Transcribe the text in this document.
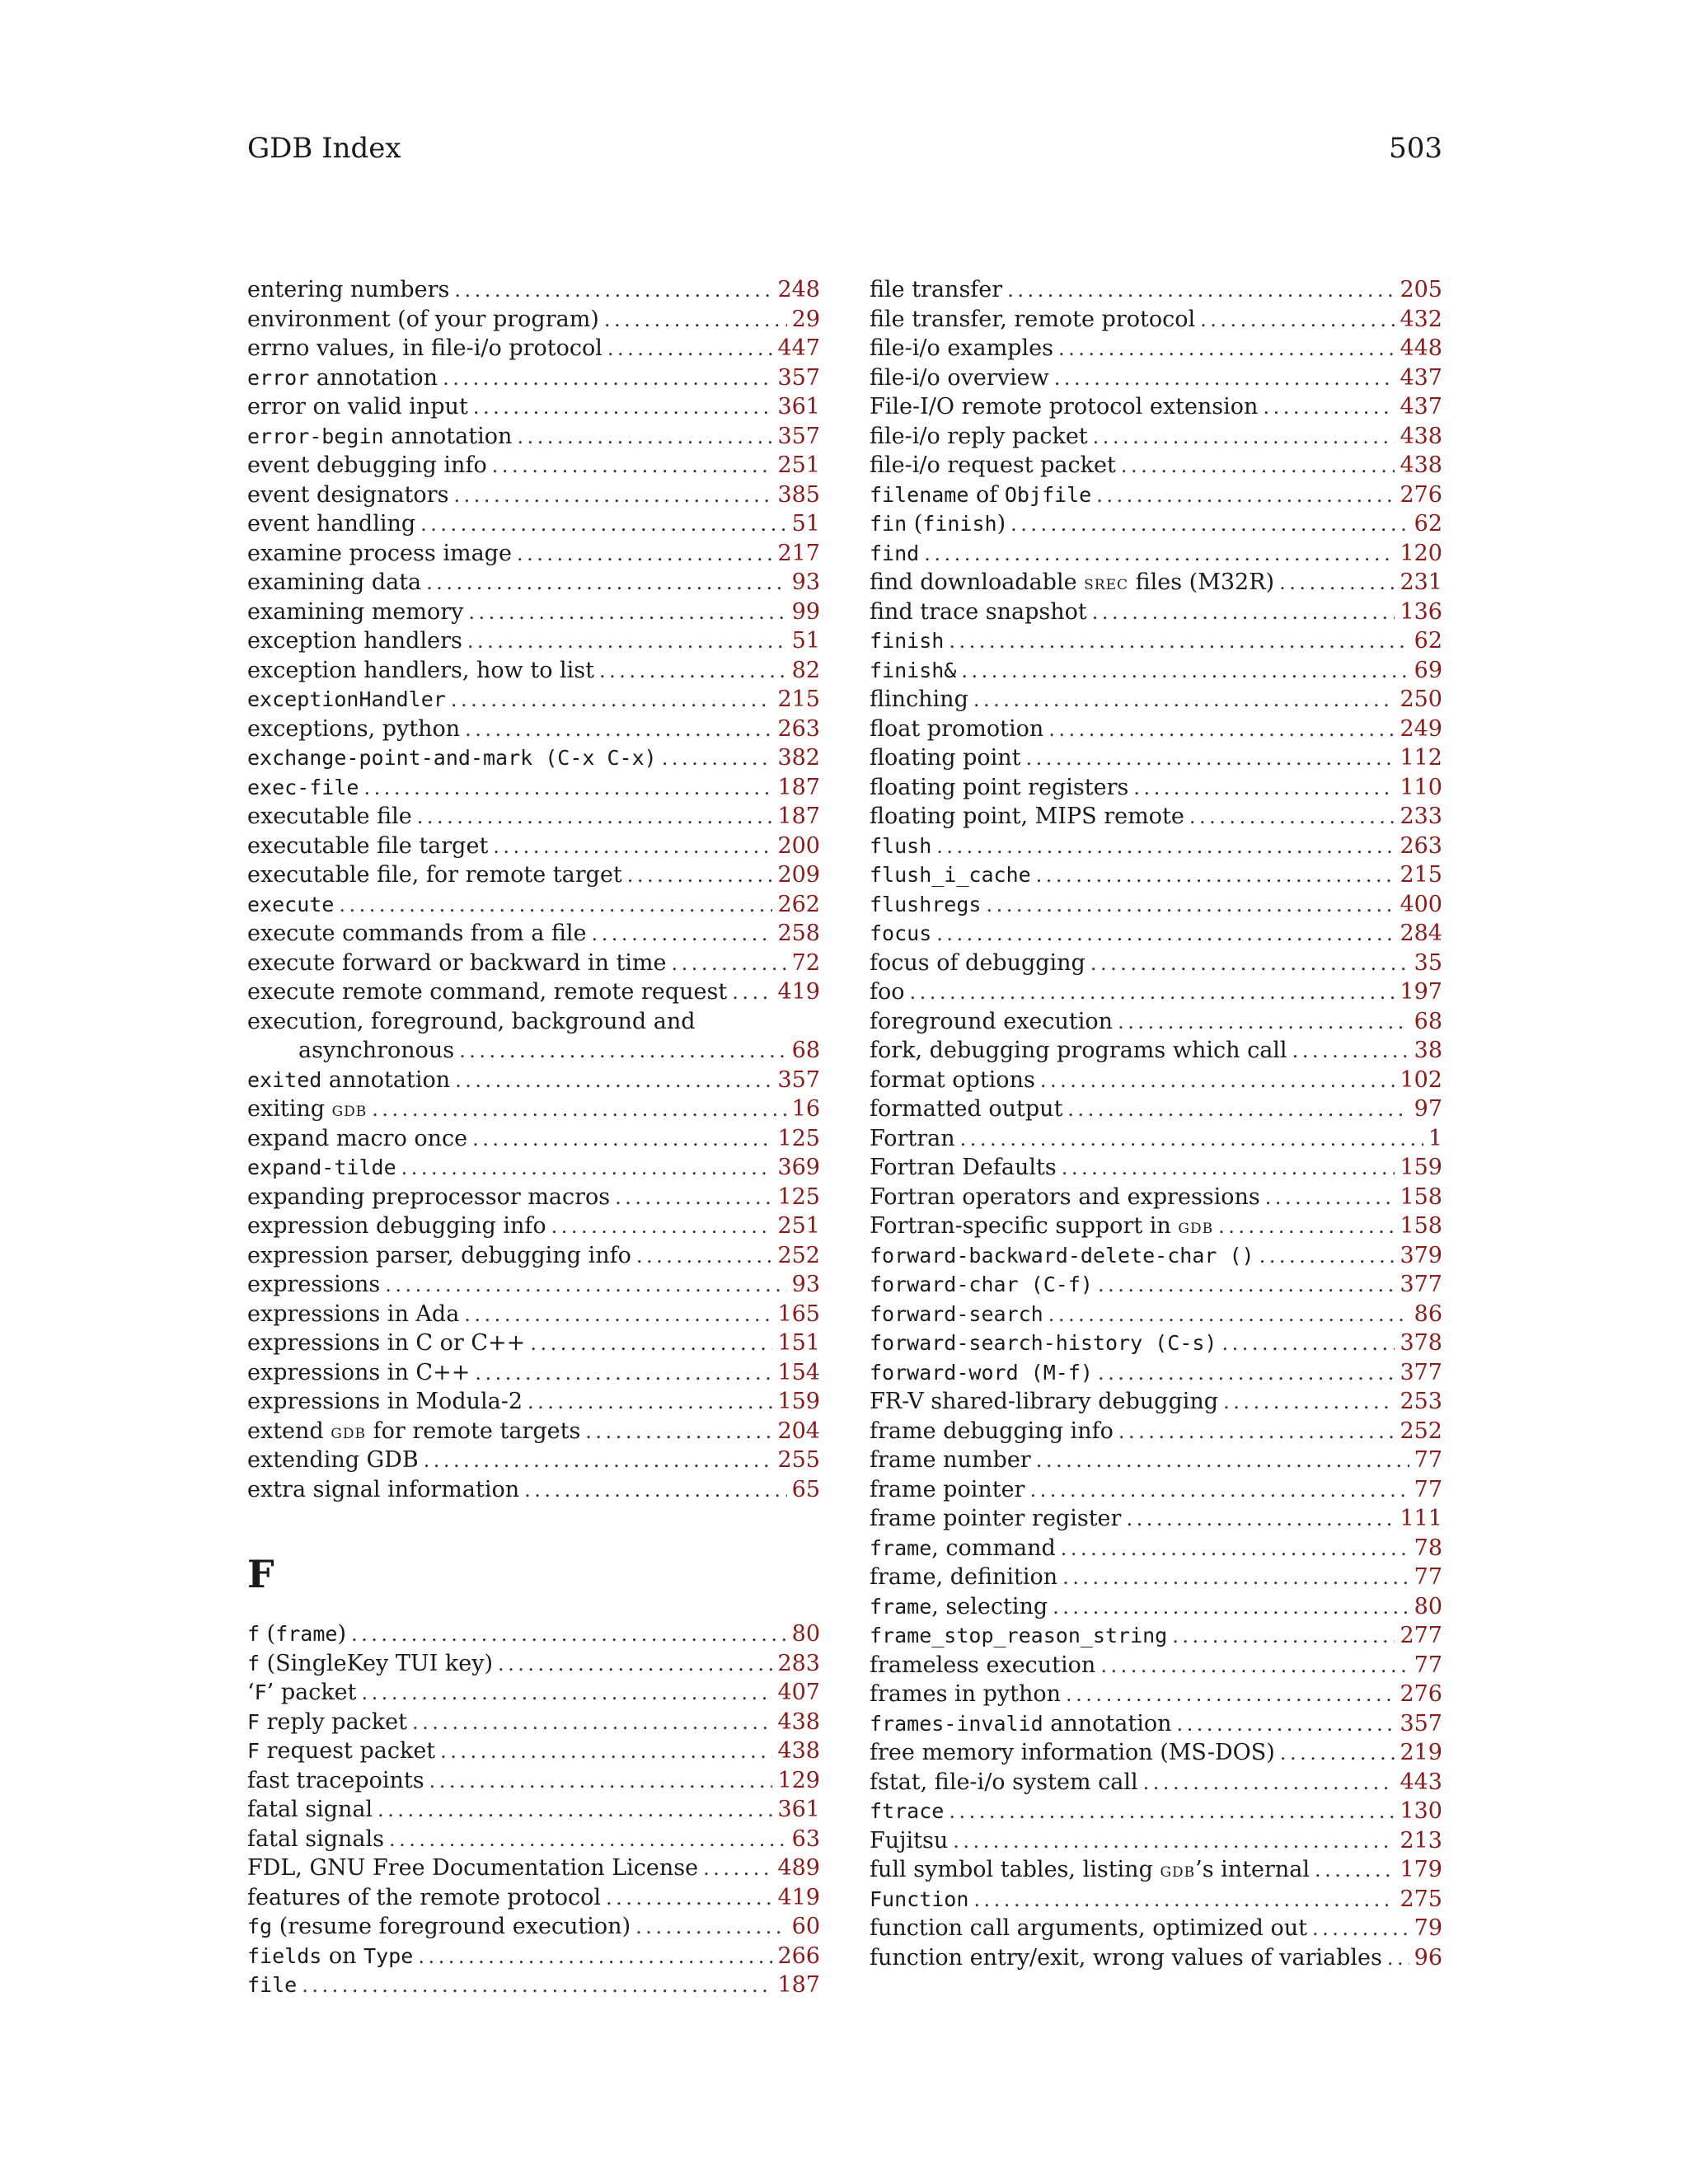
GDB Index	503
entering numbers .....	248
environment (of your program) .....	29
errno values, in file-i/o protocol .....	447
error annotation .....	357
error on valid input .....	361
error-begin annotation .....	357
event debugging info .....	251
event designators .....	385
event handling .....	51
examine process image .....	217
examining data .....	93
examining memory .....	99
exception handlers .....	51
exception handlers, how to list .....	82
exceptionHandler .....	215
exceptions, python .....	263
exchange-point-and-mark (C-x C-x) .....	382
exec-file .....	187
executable file .....	187
executable file target .....	200
executable file, for remote target .....	209
execute .....	262
execute commands from a file .....	258
execute forward or backward in time .....	72
execute remote command, remote request ..... 419
execution, foreground, background and
asynchronous .....	68
exited annotation .....	357
exiting gdb .....	16
expand macro once .....	125
expand-tilde .....	369
expanding preprocessor macros .....	125
expression debugging info .....	251
expression parser, debugging info .....	252
expressions .....	93
expressions in Ada .....	165
expressions in C or C++ .....	151
expressions in C++ .....	154
expressions in Modula-2 .....	159
extend gdb for remote targets .....	204
extending GDB .....	255
extra signal information .....	65
F
f (frame) .....	80
f (SingleKey TUI key) .....	283
‘F’ packet .....	407
F reply packet .....	438
F request packet .....	438
fast tracepoints .....	129
fatal signal .....	361
fatal signals .....	63
FDL, GNU Free Documentation License .....	489
features of the remote protocol .....	419
fg (resume foreground execution) .....	60
fields on Type .....	266
file .....	187
file transfer .....	205
file transfer, remote protocol .....	432
file-i/o examples .....	448
file-i/o overview .....	437
File-I/O remote protocol extension .....	437
file-i/o reply packet .....	438
file-i/o request packet .....	438
filename of Objfile .....	276
fin (finish) .....	62
find .....	120
find downloadable srec files (M32R) .....	231
find trace snapshot .....	136
finish .....	62
finish& .....	69
flinching .....	250
float promotion .....	249
floating point .....	112
floating point registers .....	110
floating point, MIPS remote .....	233
flush .....	263
flush_i_cache .....	215
flushregs .....	400
focus .....	284
focus of debugging .....	35
foo .....	197
foreground execution .....	68
fork, debugging programs which call .....	38
format options .....	102
formatted output .....	97
Fortran .....	1
Fortran Defaults .....	159
Fortran operators and expressions .....	158
Fortran-specific support in gdb .....	158
forward-backward-delete-char () .....	379
forward-char (C-f) .....	377
forward-search .....	86
forward-search-history (C-s) .....	378
forward-word (M-f) .....	377
FR-V shared-library debugging .....	253
frame debugging info .....	252
frame number .....	77
frame pointer .....	77
frame pointer register .....	111
frame, command .....	78
frame, definition .....	77
frame, selecting .....	80
frame_stop_reason_string .....	277
frameless execution .....	77
frames in python .....	276
frames-invalid annotation .....	357
free memory information (MS-DOS) .....	219
fstat, file-i/o system call .....	443
ftrace .....	130
Fujitsu .....	213
full symbol tables, listing gdb’s internal .....	179
Function .....	275
function call arguments, optimized out .....	79
function entry/exit, wrong values of variables ..... 96
